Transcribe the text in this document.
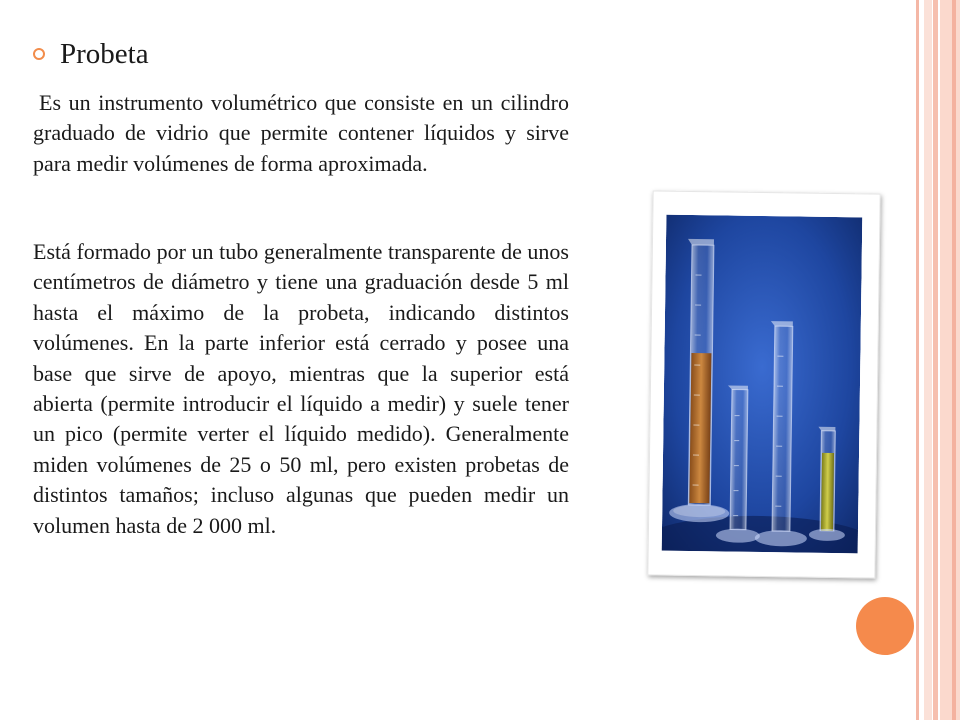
Probeta

Es un instrumento volumétrico que consiste en un cilindro graduado de vidrio que permite contener líquidos y sirve para medir volúmenes de forma aproximada.

Está formado por un tubo generalmente transparente de unos centímetros de diámetro y tiene una graduación desde 5 ml hasta el máximo de la probeta, indicando distintos volúmenes. En la parte inferior está cerrado y posee una base que sirve de apoyo, mientras que la superior está abierta (permite introducir el líquido a medir) y suele tener un pico (permite verter el líquido medido). Generalmente miden volúmenes de 25 o 50 ml, pero existen probetas de distintos tamaños; incluso algunas que pueden medir un volumen hasta de 2 000 ml.
